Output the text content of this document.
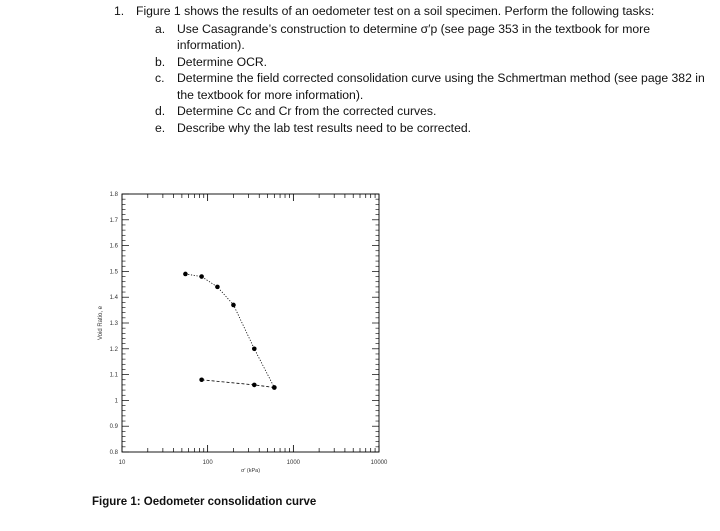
1. Figure 1 shows the results of an oedometer test on a soil specimen. Perform the following tasks:
a. Use Casagrande’s construction to determine σ′p (see page 353 in the textbook for more information).
b. Determine OCR.
c. Determine the field corrected consolidation curve using the Schmertman method (see page 382 in the textbook for more information).
d. Determine Cc and Cr from the corrected curves.
e. Describe why the lab test results need to be corrected.
10	100	1000	10000
1.8
1.7
1.6
1.5
1.4
1.3
1.2
1.1
1
0.9
0.8
σ′ (kPa)
Void Ratio, e
Figure 1: Oedometer consolidation curve
